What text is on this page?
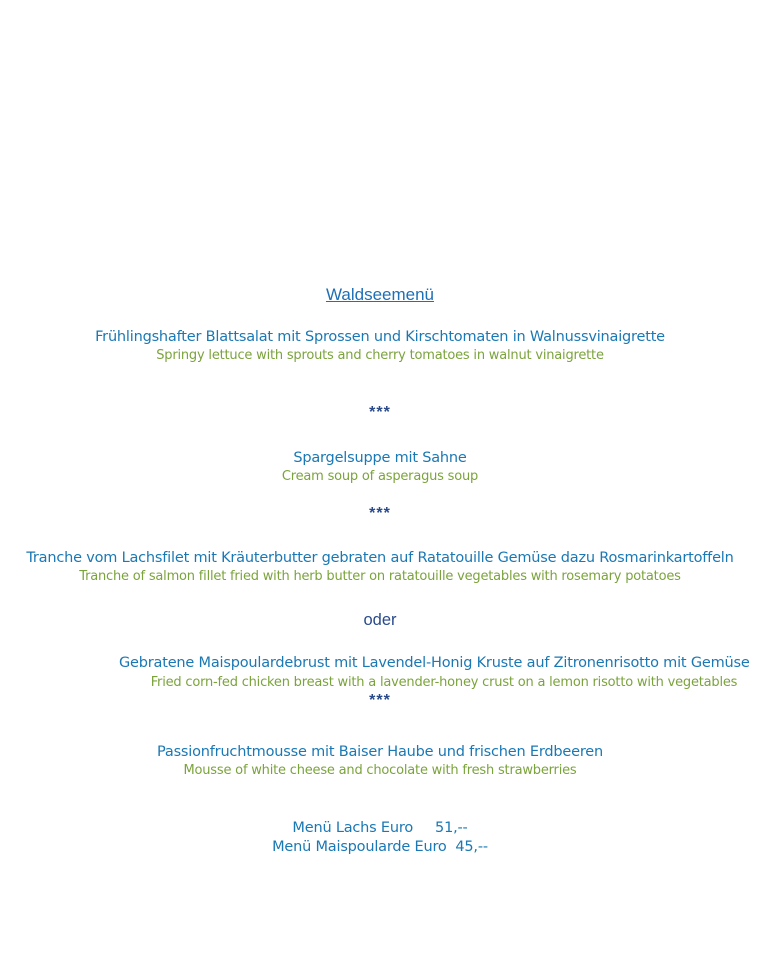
Waldseemenü
Frühlingshafter Blattsalat mit Sprossen und Kirschtomaten in Walnussvinaigrette
Springy lettuce with sprouts and cherry tomatoes in walnut vinaigrette
***
Spargelsuppe mit Sahne
Cream soup of asperagus soup
***
Tranche vom Lachsfilet mit Kräuterbutter gebraten auf Ratatouille Gemüse dazu Rosmarinkartoffeln
Tranche of salmon fillet fried with herb butter on ratatouille vegetables with rosemary potatoes
oder
Gebratene Maispoulardebrust mit Lavendel-Honig Kruste auf Zitronenrisotto mit Gemüse
Fried corn-fed chicken breast with a lavender-honey crust on a lemon risotto with vegetables
***
Passionfruchtmousse mit Baiser Haube und frischen Erdbeeren
Mousse of white cheese and chocolate with fresh strawberries
Menü Lachs Euro     51,--
Menü Maispoularde Euro  45,--
